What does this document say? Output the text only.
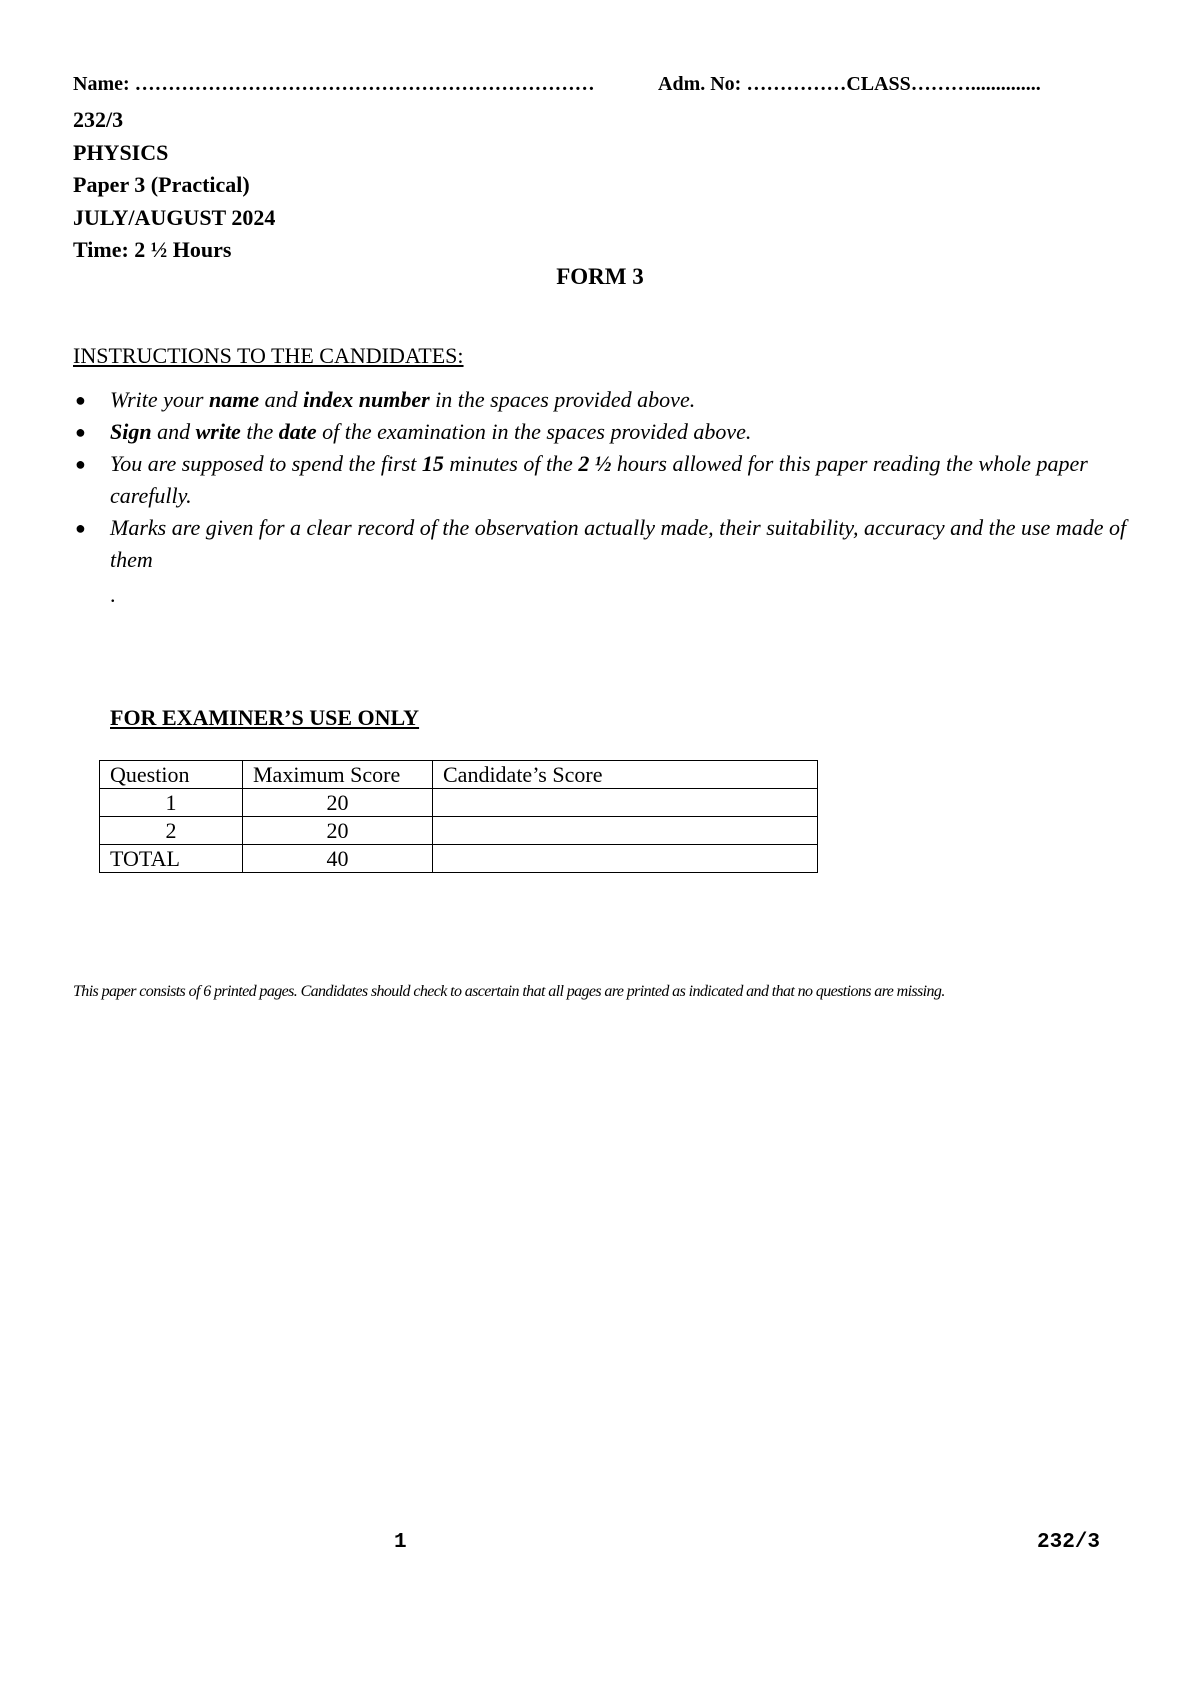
Name: ……………………………………………………………	Adm. No: ……………CLASS………..............
232/3
PHYSICS
Paper 3 (Practical)
JULY/AUGUST 2024
Time: 2 ½ Hours
FORM 3
INSTRUCTIONS TO THE CANDIDATES:
● Write your name and index number in the spaces provided above.
● Sign and write the date of the examination in the spaces provided above.
● You are supposed to spend the first 15 minutes of the 2 ½ hours allowed for this paper reading the whole paper carefully.
● Marks are given for a clear record of the observation actually made, their suitability, accuracy and the use made of them
.
FOR EXAMINER’S USE ONLY
Question	Maximum Score	Candidate’s Score
1	20	
2	20	
TOTAL	40	
This paper consists of 6 printed pages. Candidates should check to ascertain that all pages are printed as indicated and that no questions are missing.
1	232/3
